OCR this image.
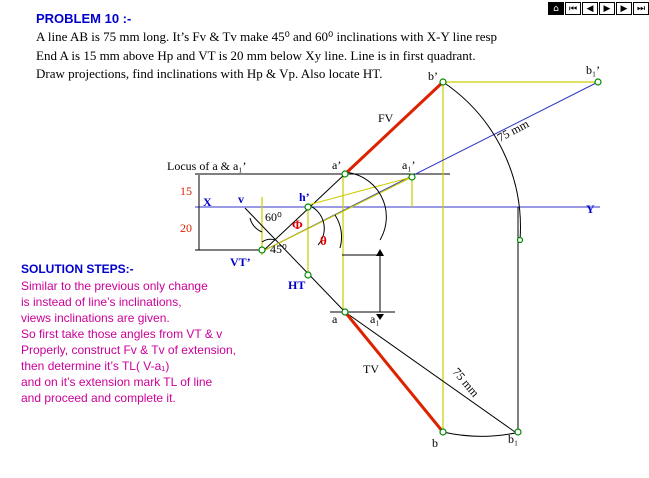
⌂	⏮	◀	▶	▶	⏭
PROBLEM 10 :-
A line AB is 75 mm long. It’s Fv & Tv make 45⁰ and 60⁰ inclinations with X-Y line resp
End A is 15 mm above Hp and VT is 20 mm below Xy line. Line is in first quadrant.
Draw projections, find inclinations with Hp & Vp. Also locate HT.
SOLUTION STEPS:-
Similar to the previous only change
is instead of line’s inclinations,
views inclinations are given.
So first take those angles from VT & v
Properly, construct Fv & Tv of extension,
then determine it’s TL( V-a₁)
and on it’s extension mark TL of line
and proceed and complete it.
Locus of a & a₁’
15
20
X	Y
v	h’
VT’
HT
60⁰
45⁰
Φ
θ
FV
TV
a’	a₁’
b’	b₁’
a	a₁
b	b₁
75 mm
75 mm
